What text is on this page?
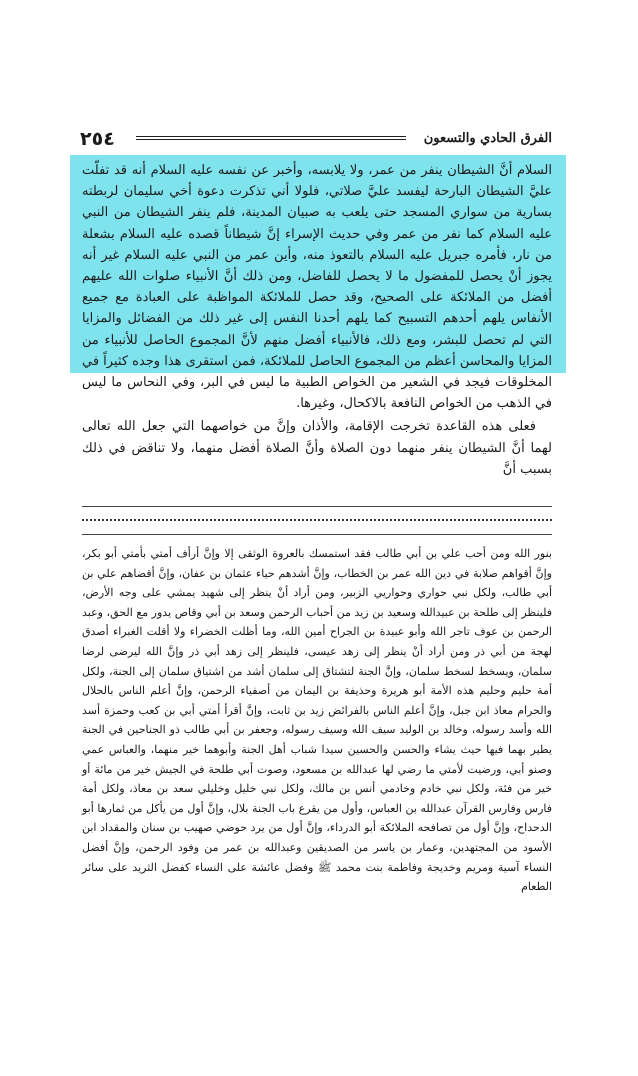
٢٥٤	الفرق الحادي والتسعون

السلام أنَّ الشيطان ينفر من عمر، ولا يلابسه، وأخبر عن نفسه عليه السلام أنه قد تفلّت عليَّ الشيطان البارحة ليفسد عليَّ صلاتي، فلولا أني تذكرت دعوة أخي سليمان لربطته بسارية من سواري المسجد حتى يلعب به صبيان المدينة، فلم ينفر الشيطان من النبي عليه السلام كما نفر من عمر وفي حديث الإسراء إنَّ شيطاناً قصده عليه السلام بشعلة من نار، فأمره جبريل عليه السلام بالتعوذ منه، وأين عمر من النبي عليه السلام غير أنه يجوز أنْ يحصل للمفضول ما لا يحصل للفاضل، ومن ذلك أنَّ الأنبياء صلوات الله عليهم أفضل من الملائكة على الصحيح، وقد حصل للملائكة المواظبة على العبادة مع جميع الأنفاس يلهم أحدهم التسبيح كما يلهم أحدنا النفس إلى غير ذلك من الفضائل والمزايا التي لم تحصل للبشر، ومع ذلك، فالأنبياء أفضل منهم لأنَّ المجموع الحاصل للأنبياء من المزايا والمحاسن أعظم من المجموع الحاصل للملائكة، فمن استقرى هذا وجده كثيراً في المخلوقات فيجد في الشعير من الخواص الطبية ما ليس في البر، وفي النحاس ما ليس في الذهب من الخواص النافعة بالاكحال، وغيرها.

فعلى هذه القاعدة تخرجت الإقامة، والأذان وإنَّ من خواصهما التي جعل الله تعالى لهما أنَّ الشيطان ينفر منهما دون الصلاة وأنَّ الصلاة أفضل منهما، ولا تناقض في ذلك بسبب أنَّ

بنور الله ومن أحب علي بن أبي طالب فقد استمسك بالعروة الوثقى إلا وإنَّ أرأف أمتي بأمتي أبو بكر، وإنَّ أقواهم صلابة في دين الله عمر بن الخطاب، وإنَّ أشدهم حياء عثمان بن عفان، وإنَّ أقضاهم علي بن أبي طالب، ولكل نبي حواري وحواريي الزبير، ومن أراد أنْ ينظر إلى شهيد يمشي على وجه الأرض، فلينظر إلى طلحة بن عبيدالله وسعيد بن زيد من أحباب الرحمن وسعد بن أبي وقاص يدور مع الحق، وعبد الرحمن بن عوف تاجر الله وأبو عبيدة بن الجراح أمين الله، وما أظلت الخضراء ولا أقلت الغبراء أصدق لهجة من أبي ذر ومن أراد أنْ ينظر إلى زهد عيسى، فلينظر إلى زهد أبي ذر وإنَّ الله ليرضى لرضا سلمان، ويسخط لسخط سلمان، وإنَّ الجنة لتشتاق إلى سلمان أشد من اشتياق سلمان إلى الجنة، ولكل أمة حليم وحليم هذه الأمة أبو هريرة وحذيفة بن اليمان من أصفياء الرحمن، وإنَّ أعلم الناس بالحلال والحرام معاذ ابن جبل، وإنَّ أعلم الناس بالفرائض زيد بن ثابت، وإنَّ أقرأ أمتي أبي بن كعب وحمزة أسد الله وأسد رسوله، وخالد بن الوليد سيف الله وسيف رسوله، وجعفر بن أبي طالب ذو الجناحين في الجنة يطير بهما فيها حيث يشاء والحسن والحسين سيدا شباب أهل الجنة وأبوهما خير منهما، والعباس عمي وصنو أبي، ورضيت لأمتي ما رضي لها عبدالله بن مسعود، وصوت أبي طلحة في الجيش خير من مائة أو خير من فئة، ولكل نبي خادم وخادمي أنس بن مالك، ولكل نبي خليل وخليلي سعد بن معاذ، ولكل أمة فارس وفارس القرآن عبدالله بن العباس، وأول من يقرع باب الجنة بلال، وإنَّ أول من يأكل من ثمارها أبو الدحداح، وإنَّ أول من تصافحه الملائكة أبو الدرداء، وإنَّ أول من يرد حوضي صهيب بن سنان والمقداد ابن الأسود من المجتهدين، وعمار بن ياسر من الصديقين وعبدالله بن عمر من وفود الرحمن، وإنَّ أفضل النساء آسية ومريم وخديجة وفاطمة بنت محمد ﷺ وفضل عائشة على النساء كفضل الثريد على سائر الطعام
